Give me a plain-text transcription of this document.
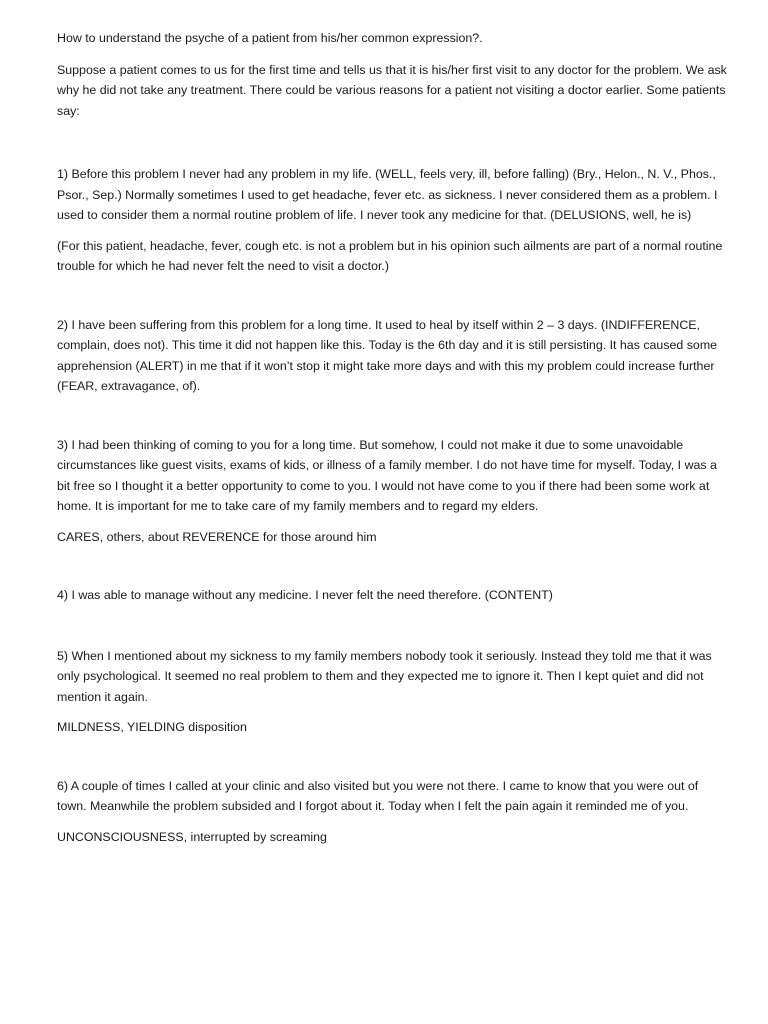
How to understand the psyche of a patient from his/her common expression?.

Suppose a patient comes to us for the first time and tells us that it is his/her first visit to any doctor for the problem. We ask why he did not take any treatment. There could be various reasons for a patient not visiting a doctor earlier. Some patients say:

1) Before this problem I never had any problem in my life. (WELL, feels very, ill, before falling) (Bry., Helon., N. V., Phos., Psor., Sep.) Normally sometimes I used to get headache, fever etc. as sickness. I never considered them as a problem. I used to consider them a normal routine problem of life. I never took any medicine for that. (DELUSIONS, well, he is)

(For this patient, headache, fever, cough etc. is not a problem but in his opinion such ailments are part of a normal routine trouble for which he had never felt the need to visit a doctor.)

2) I have been suffering from this problem for a long time. It used to heal by itself within 2 – 3 days. (INDIFFERENCE, complain, does not). This time it did not happen like this. Today is the 6th day and it is still persisting. It has caused some apprehension (ALERT) in me that if it won’t stop it might take more days and with this my problem could increase further (FEAR, extravagance, of).

3) I had been thinking of coming to you for a long time. But somehow, I could not make it due to some unavoidable circumstances like guest visits, exams of kids, or illness of a family member. I do not have time for myself. Today, I was a bit free so I thought it a better opportunity to come to you. I would not have come to you if there had been some work at home. It is important for me to take care of my family members and to regard my elders.

CARES, others, about REVERENCE for those around him

4) I was able to manage without any medicine. I never felt the need therefore. (CONTENT)

5) When I mentioned about my sickness to my family members nobody took it seriously. Instead they told me that it was only psychological. It seemed no real problem to them and they expected me to ignore it. Then I kept quiet and did not mention it again.

MILDNESS, YIELDING disposition

6) A couple of times I called at your clinic and also visited but you were not there. I came to know that you were out of town. Meanwhile the problem subsided and I forgot about it. Today when I felt the pain again it reminded me of you.

UNCONSCIOUSNESS, interrupted by screaming
